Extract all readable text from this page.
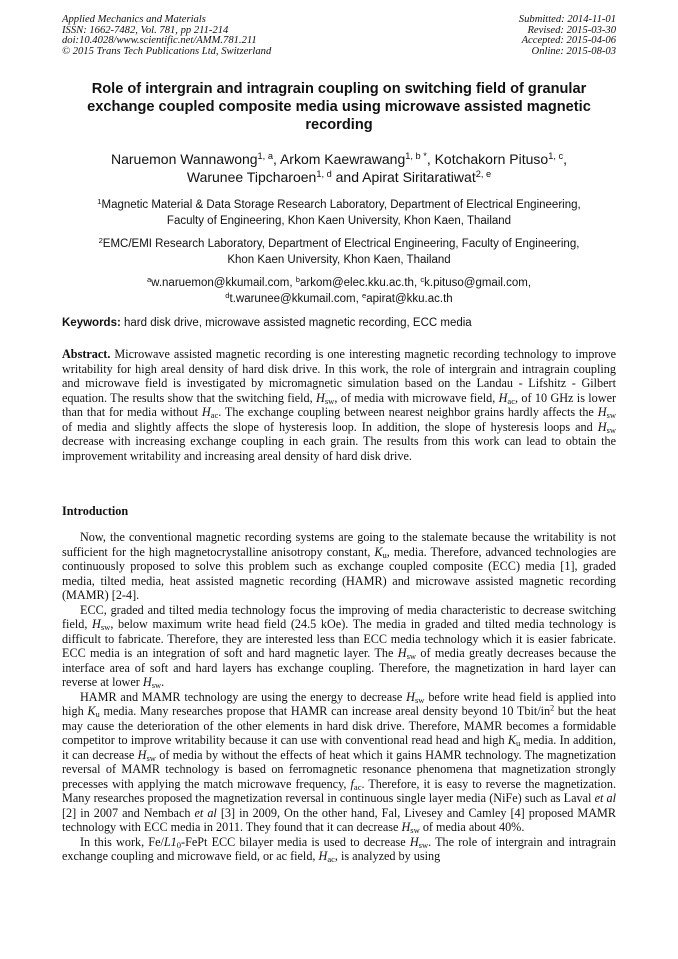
Applied Mechanics and Materials
ISSN: 1662-7482, Vol. 781, pp 211-214
doi:10.4028/www.scientific.net/AMM.781.211
© 2015 Trans Tech Publications Ltd, Switzerland
Submitted: 2014-11-01
Revised: 2015-03-30
Accepted: 2015-04-06
Online: 2015-08-03
Role of intergrain and intragrain coupling on switching field of granular exchange coupled composite media using microwave assisted magnetic recording
Naruemon Wannawong$^{1, a}$, Arkom Kaewrawang$^{1, b *}$, Kotchakorn Pituso$^{1, c}$,
Warunee Tipcharoen$^{1, d}$ and Apirat Siritaratiwat$^{2, e}$
$^1$Magnetic Material & Data Storage Research Laboratory, Department of Electrical Engineering,
Faculty of Engineering, Khon Kaen University, Khon Kaen, Thailand
$^2$EMC/EMI Research Laboratory, Department of Electrical Engineering, Faculty of Engineering,
Khon Kaen University, Khon Kaen, Thailand
$^a$w.naruemon@kkumail.com, $^b$arkom@elec.kku.ac.th, $^c$k.pituso@gmail.com,
$^d$t.warunee@kkumail.com, $^e$apirat@kku.ac.th
Keywords: hard disk drive, microwave assisted magnetic recording, ECC media

Abstract. Microwave assisted magnetic recording is one interesting magnetic recording technology to improve writability for high areal density of hard disk drive. In this work, the role of intergrain and intragrain coupling and microwave field is investigated by micromagnetic simulation based on the Landau - Lifshitz - Gilbert equation. The results show that the switching field, $H_{sw}$, of media with microwave field, $H_{ac}$, of 10 GHz is lower than that for media without $H_{ac}$. The exchange coupling between nearest neighbor grains hardly affects the $H_{sw}$ of media and slightly affects the slope of hysteresis loop. In addition, the slope of hysteresis loops and $H_{sw}$ decrease with increasing exchange coupling in each grain. The results from this work can lead to obtain the improvement writability and increasing areal density of hard disk drive.

Introduction

Now, the conventional magnetic recording systems are going to the stalemate because the writability is not sufficient for the high magnetocrystalline anisotropy constant, $K_u$, media. Therefore, advanced technologies are continuously proposed to solve this problem such as exchange coupled composite (ECC) media [1], graded media, tilted media, heat assisted magnetic recording (HAMR) and microwave assisted magnetic recording (MAMR) [2-4].

ECC, graded and tilted media technology focus the improving of media characteristic to decrease switching field, $H_{sw}$, below maximum write head field (24.5 kOe). The media in graded and tilted media technology is difficult to fabricate. Therefore, they are interested less than ECC media technology which it is easier fabricate. ECC media is an integration of soft and hard magnetic layer. The $H_{sw}$ of media greatly decreases because the interface area of soft and hard layers has exchange coupling. Therefore, the magnetization in hard layer can reverse at lower $H_{sw}$.

HAMR and MAMR technology are using the energy to decrease $H_{sw}$ before write head field is applied into high $K_u$ media. Many researches propose that HAMR can increase areal density beyond 10 Tbit/$in^2$ but the heat may cause the deterioration of the other elements in hard disk drive. Therefore, MAMR becomes a formidable competitor to improve writability because it can use with conventional read head and high $K_u$ media. In addition, it can decrease $H_{sw}$ of media by without the effects of heat which it gains HAMR technology. The magnetization reversal of MAMR technology is based on ferromagnetic resonance phenomena that magnetization strongly precesses with applying the match microwave frequency, $f_{ac}$. Therefore, it is easy to reverse the magnetization. Many researches proposed the magnetization reversal in continuous single layer media (NiFe) such as Laval et al [2] in 2007 and Nembach et al [3] in 2009, On the other hand, Fal, Livesey and Camley [4] proposed MAMR technology with ECC media in 2011. They found that it can decrease $H_{sw}$ of media about 40%.

In this work, $Fe/L1_0$-FePt ECC bilayer media is used to decrease $H_{sw}$. The role of intergrain and intragrain exchange coupling and microwave field, or ac field, $H_{ac}$, is analyzed by using
